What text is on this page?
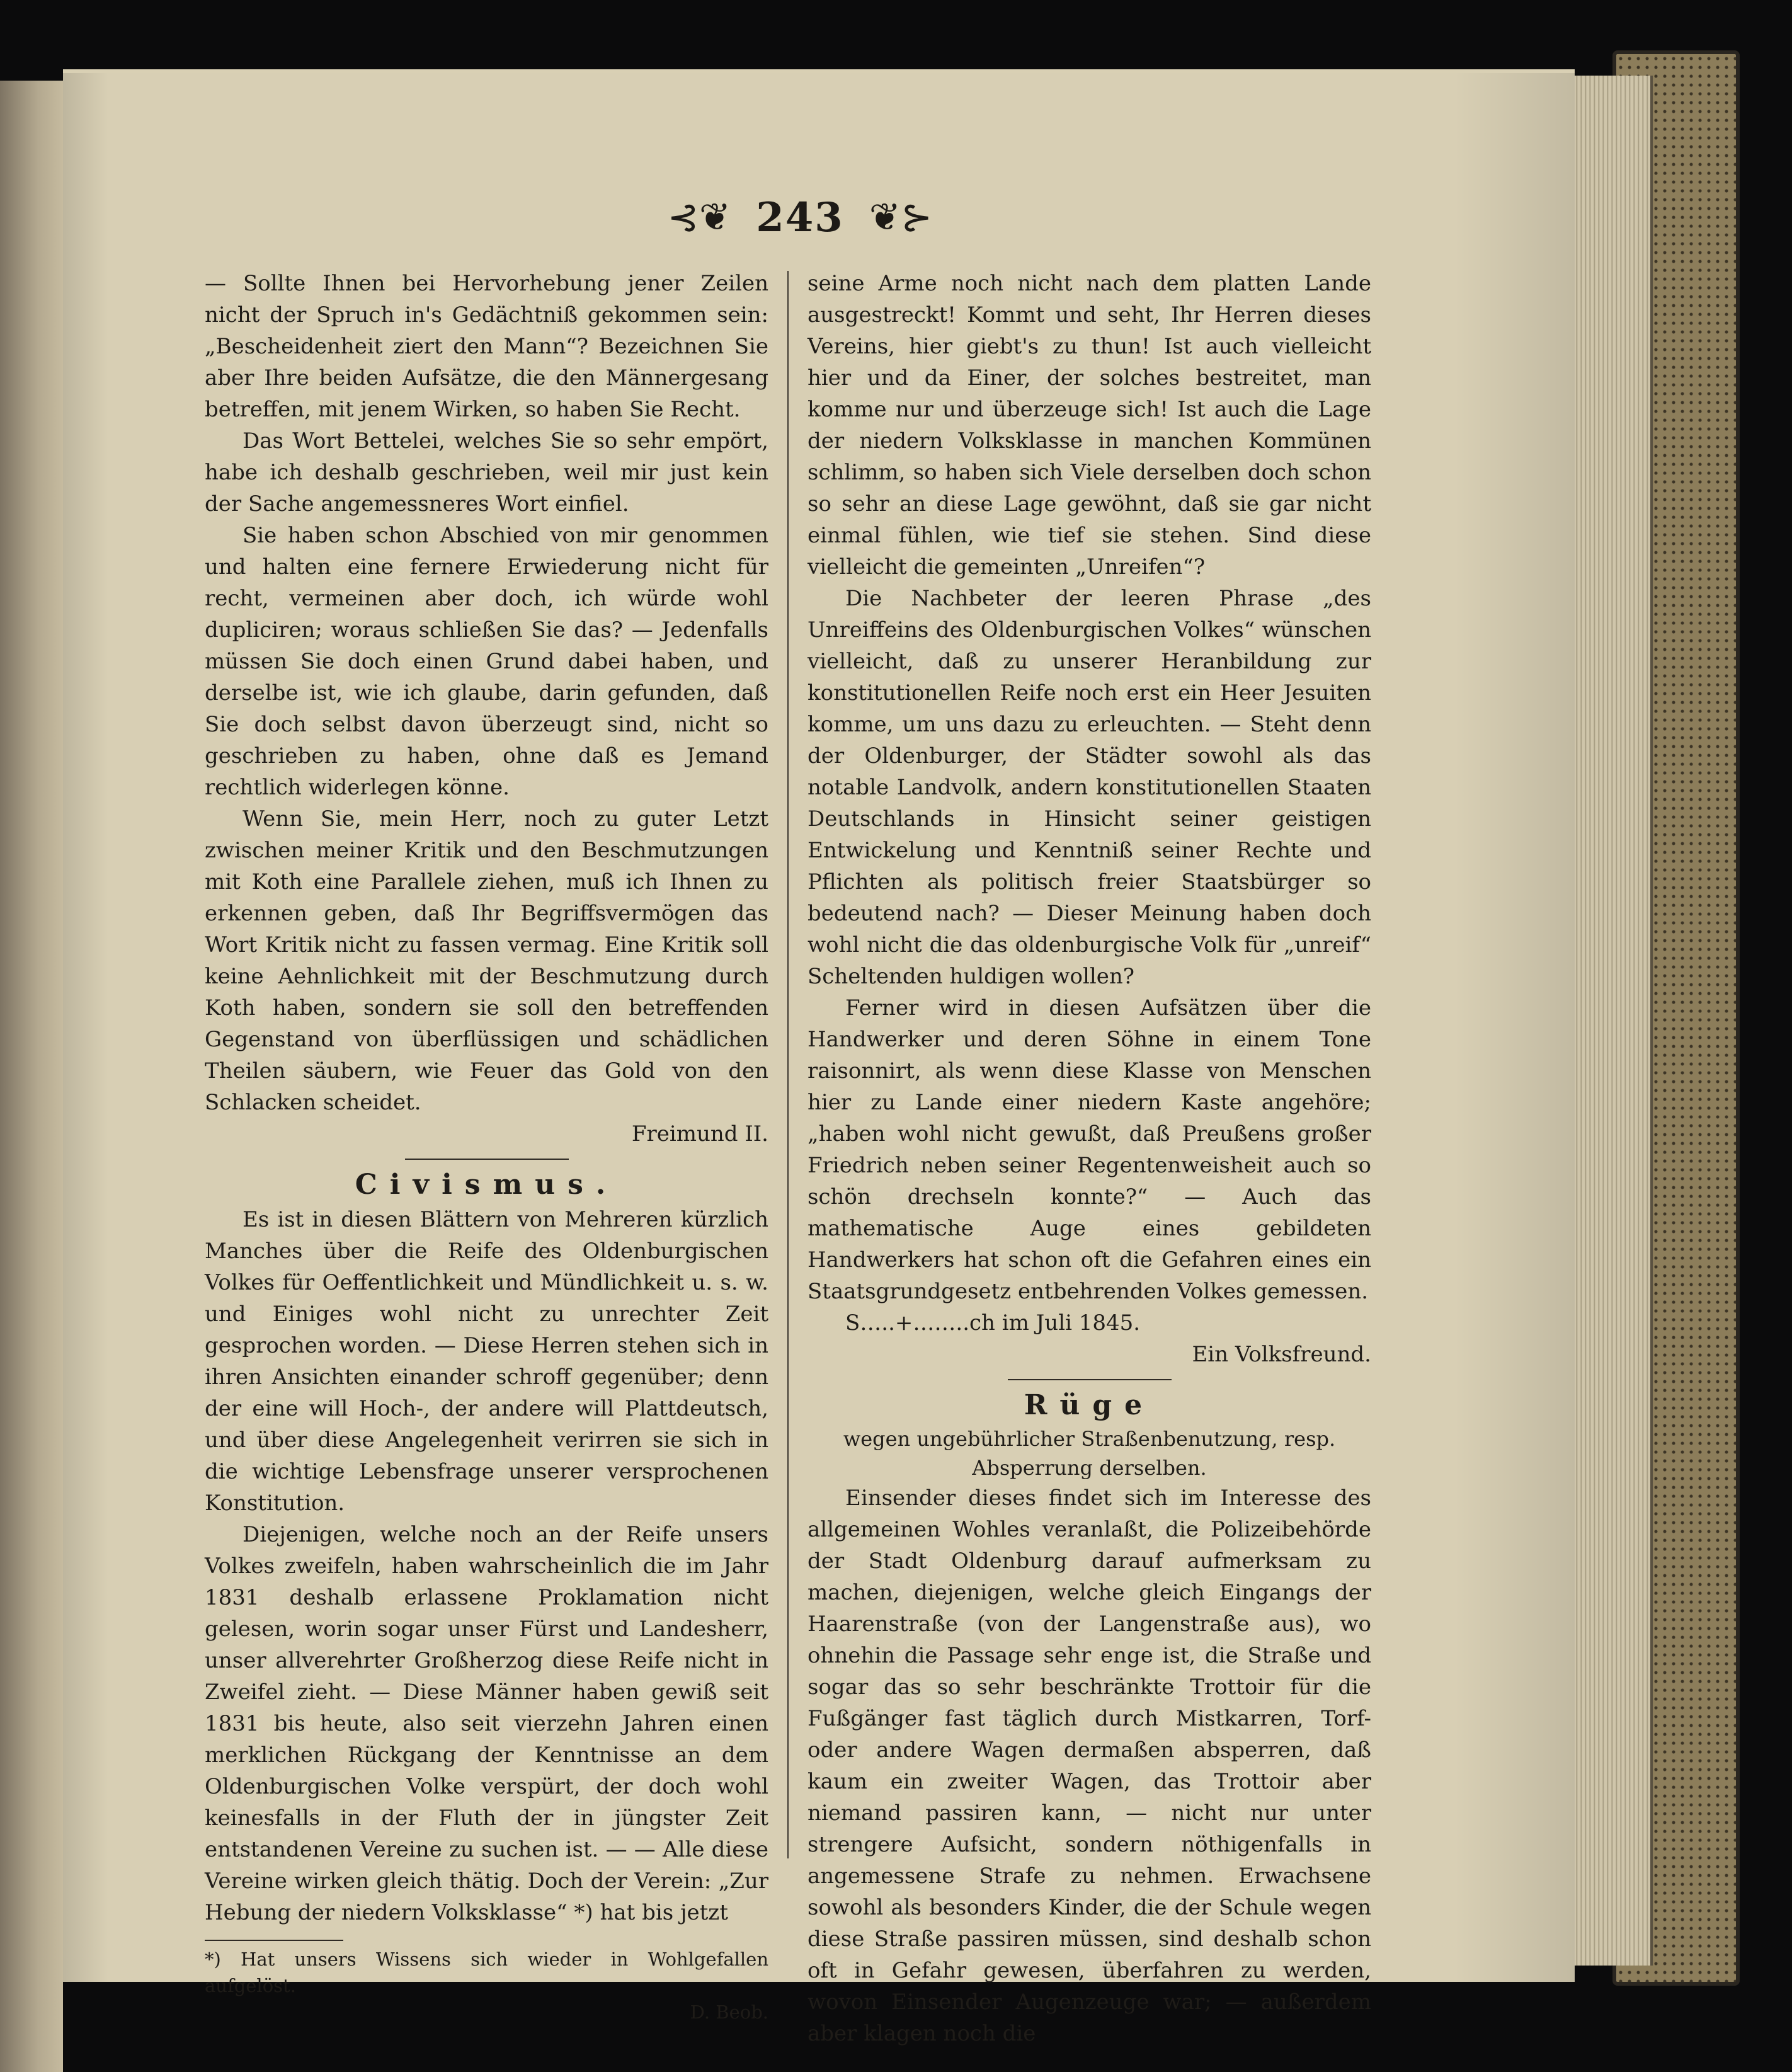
⊰❦ 243 ❦⊱

— Sollte Ihnen bei Hervorhebung jener Zeilen nicht der Spruch in's Gedächtniß gekommen sein: „Bescheidenheit ziert den Mann“? Bezeichnen Sie aber Ihre beiden Aufsätze, die den Männergesang betreffen, mit jenem Wirken, so haben Sie Recht.

Das Wort Bettelei, welches Sie so sehr empört, habe ich deshalb geschrieben, weil mir just kein der Sache angemessneres Wort einfiel.

Sie haben schon Abschied von mir genommen und halten eine fernere Erwiederung nicht für recht, vermeinen aber doch, ich würde wohl dupliciren; woraus schließen Sie das? — Jedenfalls müssen Sie doch einen Grund dabei haben, und derselbe ist, wie ich glaube, darin gefunden, daß Sie doch selbst davon überzeugt sind, nicht so geschrieben zu haben, ohne daß es Jemand rechtlich widerlegen könne.

Wenn Sie, mein Herr, noch zu guter Letzt zwischen meiner Kritik und den Beschmutzungen mit Koth eine Parallele ziehen, muß ich Ihnen zu erkennen geben, daß Ihr Begriffsvermögen das Wort Kritik nicht zu fassen vermag. Eine Kritik soll keine Aehnlichkeit mit der Beschmutzung durch Koth haben, sondern sie soll den betreffenden Gegenstand von überflüssigen und schädlichen Theilen säubern, wie Feuer das Gold von den Schlacken scheidet.

Freimund II.

Civismus.

Es ist in diesen Blättern von Mehreren kürzlich Manches über die Reife des Oldenburgischen Volkes für Oeffentlichkeit und Mündlichkeit u. s. w. und Einiges wohl nicht zu unrechter Zeit gesprochen worden. — Diese Herren stehen sich in ihren Ansichten einander schroff gegenüber; denn der eine will Hoch-, der andere will Plattdeutsch, und über diese Angelegenheit verirren sie sich in die wichtige Lebensfrage unserer versprochenen Konstitution.

Diejenigen, welche noch an der Reife unsers Volkes zweifeln, haben wahrscheinlich die im Jahr 1831 deshalb erlassene Proklamation nicht gelesen, worin sogar unser Fürst und Landesherr, unser allverehrter Großherzog diese Reife nicht in Zweifel zieht. — Diese Männer haben gewiß seit 1831 bis heute, also seit vierzehn Jahren einen merklichen Rückgang der Kenntnisse an dem Oldenburgischen Volke verspürt, der doch wohl keinesfalls in der Fluth der in jüngster Zeit entstandenen Vereine zu suchen ist. — — Alle diese Vereine wirken gleich thätig. Doch der Verein: „Zur Hebung der niedern Volksklasse“ *) hat bis jetzt

*) Hat unsers Wissens sich wieder in Wohlgefallen aufgelöst.
D. Beob.

seine Arme noch nicht nach dem platten Lande ausgestreckt! Kommt und seht, Ihr Herren dieses Vereins, hier giebt's zu thun! Ist auch vielleicht hier und da Einer, der solches bestreitet, man komme nur und überzeuge sich! Ist auch die Lage der niedern Volksklasse in manchen Kommünen schlimm, so haben sich Viele derselben doch schon so sehr an diese Lage gewöhnt, daß sie gar nicht einmal fühlen, wie tief sie stehen. Sind diese vielleicht die gemeinten „Unreifen“?

Die Nachbeter der leeren Phrase „des Unreiffeins des Oldenburgischen Volkes“ wünschen vielleicht, daß zu unserer Heranbildung zur konstitutionellen Reife noch erst ein Heer Jesuiten komme, um uns dazu zu erleuchten. — Steht denn der Oldenburger, der Städter sowohl als das notable Landvolk, andern konstitutionellen Staaten Deutschlands in Hinsicht seiner geistigen Entwickelung und Kenntniß seiner Rechte und Pflichten als politisch freier Staatsbürger so bedeutend nach? — Dieser Meinung haben doch wohl nicht die das oldenburgische Volk für „unreif“ Scheltenden huldigen wollen?

Ferner wird in diesen Aufsätzen über die Handwerker und deren Söhne in einem Tone raisonnirt, als wenn diese Klasse von Menschen hier zu Lande einer niedern Kaste angehöre; „haben wohl nicht gewußt, daß Preußens großer Friedrich neben seiner Regentenweisheit auch so schön drechseln konnte?“ — Auch das mathematische Auge eines gebildeten Handwerkers hat schon oft die Gefahren eines ein Staatsgrundgesetz entbehrenden Volkes gemessen.

S…..+……..ch im Juli 1845.

Ein Volksfreund.

Rüge

wegen ungebührlicher Straßenbenutzung, resp. Absperrung derselben.

Einsender dieses findet sich im Interesse des allgemeinen Wohles veranlaßt, die Polizeibehörde der Stadt Oldenburg darauf aufmerksam zu machen, diejenigen, welche gleich Eingangs der Haarenstraße (von der Langenstraße aus), wo ohnehin die Passage sehr enge ist, die Straße und sogar das so sehr beschränkte Trottoir für die Fußgänger fast täglich durch Mistkarren, Torf- oder andere Wagen dermaßen absperren, daß kaum ein zweiter Wagen, das Trottoir aber niemand passiren kann, — nicht nur unter strengere Aufsicht, sondern nöthigenfalls in angemessene Strafe zu nehmen. Erwachsene sowohl als besonders Kinder, die der Schule wegen diese Straße passiren müssen, sind deshalb schon oft in Gefahr gewesen, überfahren zu werden, wovon Einsender Augenzeuge war; — außerdem aber klagen noch die
